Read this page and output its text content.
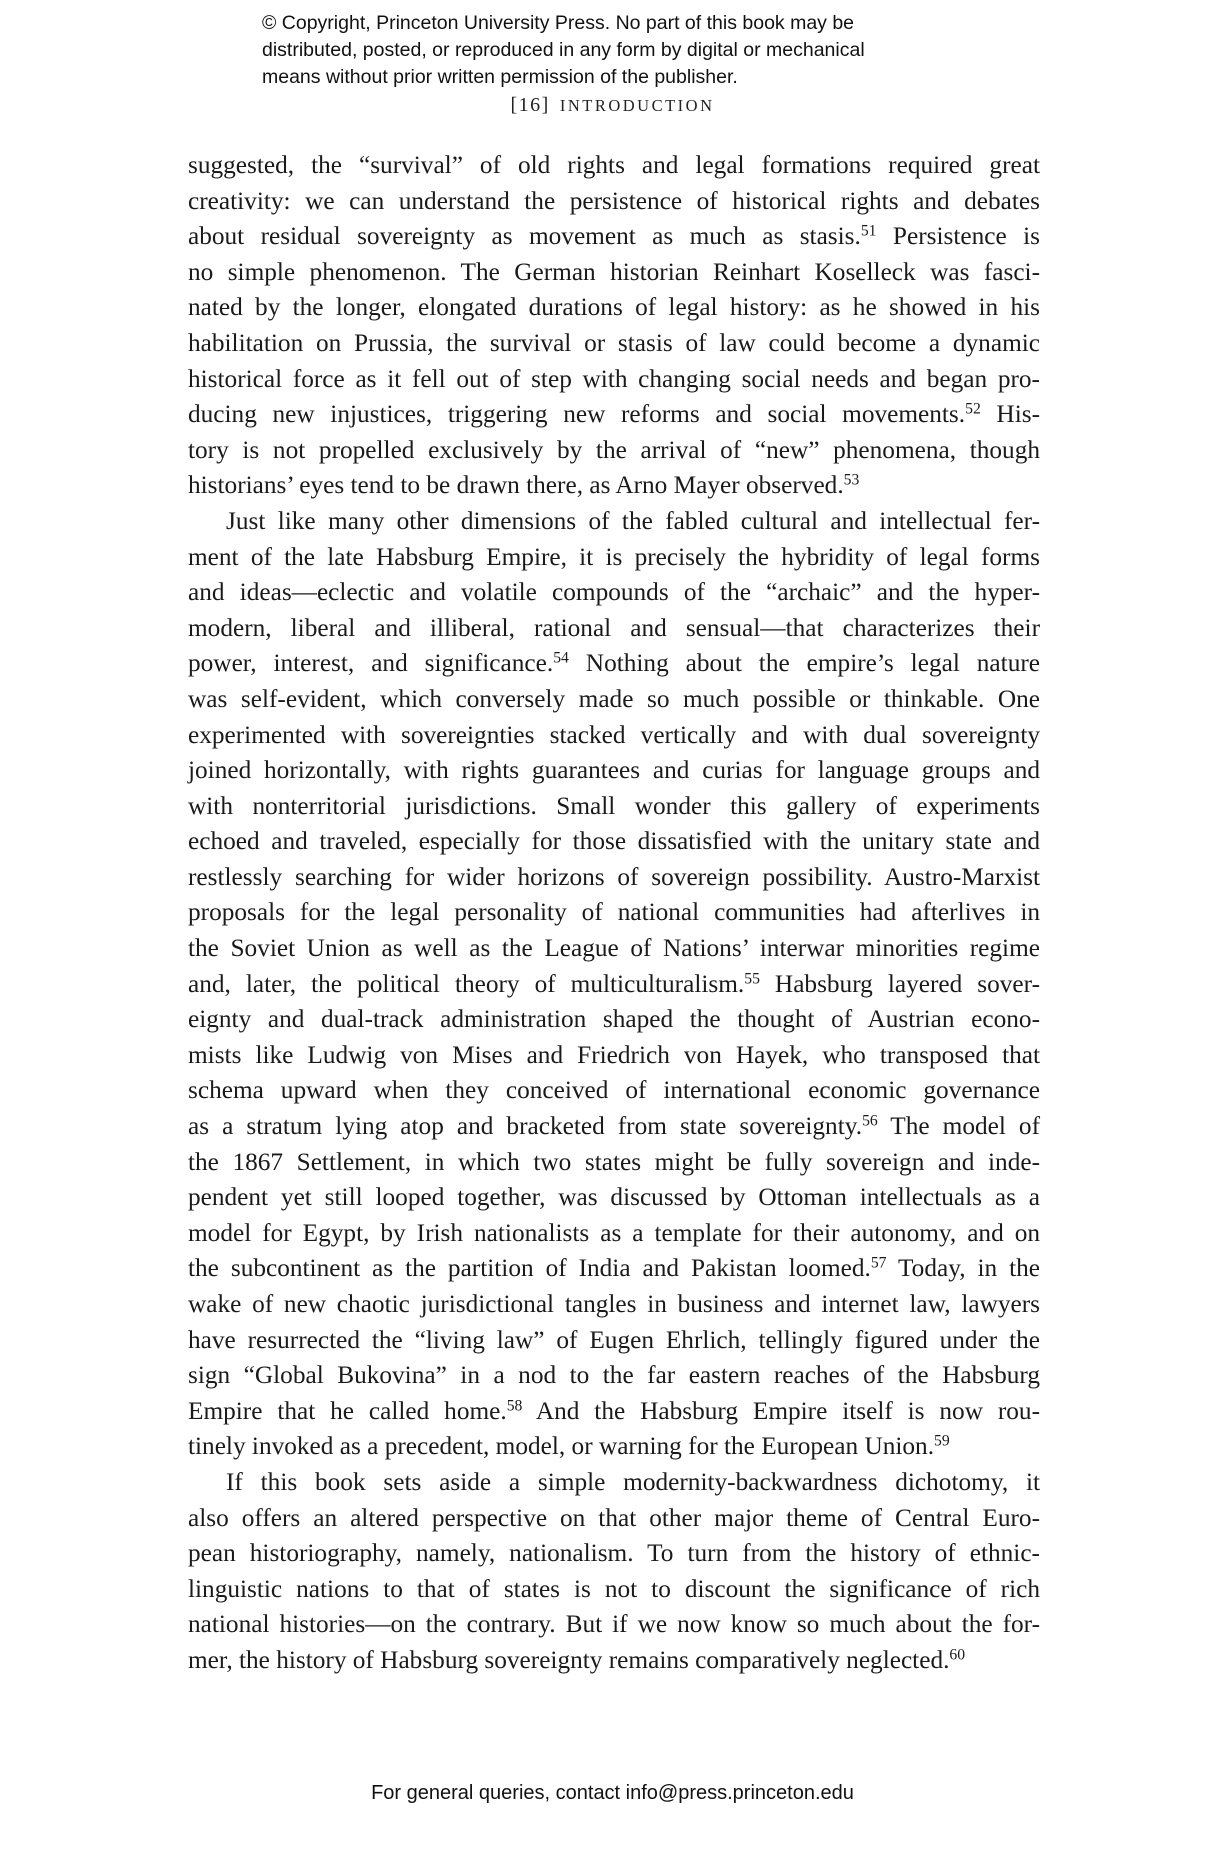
© Copyright, Princeton University Press. No part of this book may be
distributed, posted, or reproduced in any form by digital or mechanical
means without prior written permission of the publisher.
[16] INTRODUCTION
suggested, the “survival” of old rights and legal formations required great
creativity: we can understand the persistence of historical rights and debates
about residual sovereignty as movement as much as stasis.$^{51}$ Persistence is
no simple phenomenon. The German historian Reinhart Koselleck was fasci-
nated by the longer, elongated durations of legal history: as he showed in his
habilitation on Prussia, the survival or stasis of law could become a dynamic
historical force as it fell out of step with changing social needs and began pro-
ducing new injustices, triggering new reforms and social movements.$^{52}$ His-
tory is not propelled exclusively by the arrival of “new” phenomena, though
historians’ eyes tend to be drawn there, as Arno Mayer observed.$^{53}$
Just like many other dimensions of the fabled cultural and intellectual fer-
ment of the late Habsburg Empire, it is precisely the hybridity of legal forms
and ideas—eclectic and volatile compounds of the “archaic” and the hyper-
modern, liberal and illiberal, rational and sensual—that characterizes their
power, interest, and significance.$^{54}$ Nothing about the empire’s legal nature
was self-evident, which conversely made so much possible or thinkable. One
experimented with sovereignties stacked vertically and with dual sovereignty
joined horizontally, with rights guarantees and curias for language groups and
with nonterritorial jurisdictions. Small wonder this gallery of experiments
echoed and traveled, especially for those dissatisfied with the unitary state and
restlessly searching for wider horizons of sovereign possibility. Austro-Marxist
proposals for the legal personality of national communities had afterlives in
the Soviet Union as well as the League of Nations’ interwar minorities regime
and, later, the political theory of multiculturalism.$^{55}$ Habsburg layered sover-
eignty and dual-track administration shaped the thought of Austrian econo-
mists like Ludwig von Mises and Friedrich von Hayek, who transposed that
schema upward when they conceived of international economic governance
as a stratum lying atop and bracketed from state sovereignty.$^{56}$ The model of
the 1867 Settlement, in which two states might be fully sovereign and inde-
pendent yet still looped together, was discussed by Ottoman intellectuals as a
model for Egypt, by Irish nationalists as a template for their autonomy, and on
the subcontinent as the partition of India and Pakistan loomed.$^{57}$ Today, in the
wake of new chaotic jurisdictional tangles in business and internet law, lawyers
have resurrected the “living law” of Eugen Ehrlich, tellingly figured under the
sign “Global Bukovina” in a nod to the far eastern reaches of the Habsburg
Empire that he called home.$^{58}$ And the Habsburg Empire itself is now rou-
tinely invoked as a precedent, model, or warning for the European Union.$^{59}$
If this book sets aside a simple modernity-backwardness dichotomy, it
also offers an altered perspective on that other major theme of Central Euro-
pean historiography, namely, nationalism. To turn from the history of ethnic-
linguistic nations to that of states is not to discount the significance of rich
national histories—on the contrary. But if we now know so much about the for-
mer, the history of Habsburg sovereignty remains comparatively neglected.$^{60}$
For general queries, contact info@press.princeton.edu
